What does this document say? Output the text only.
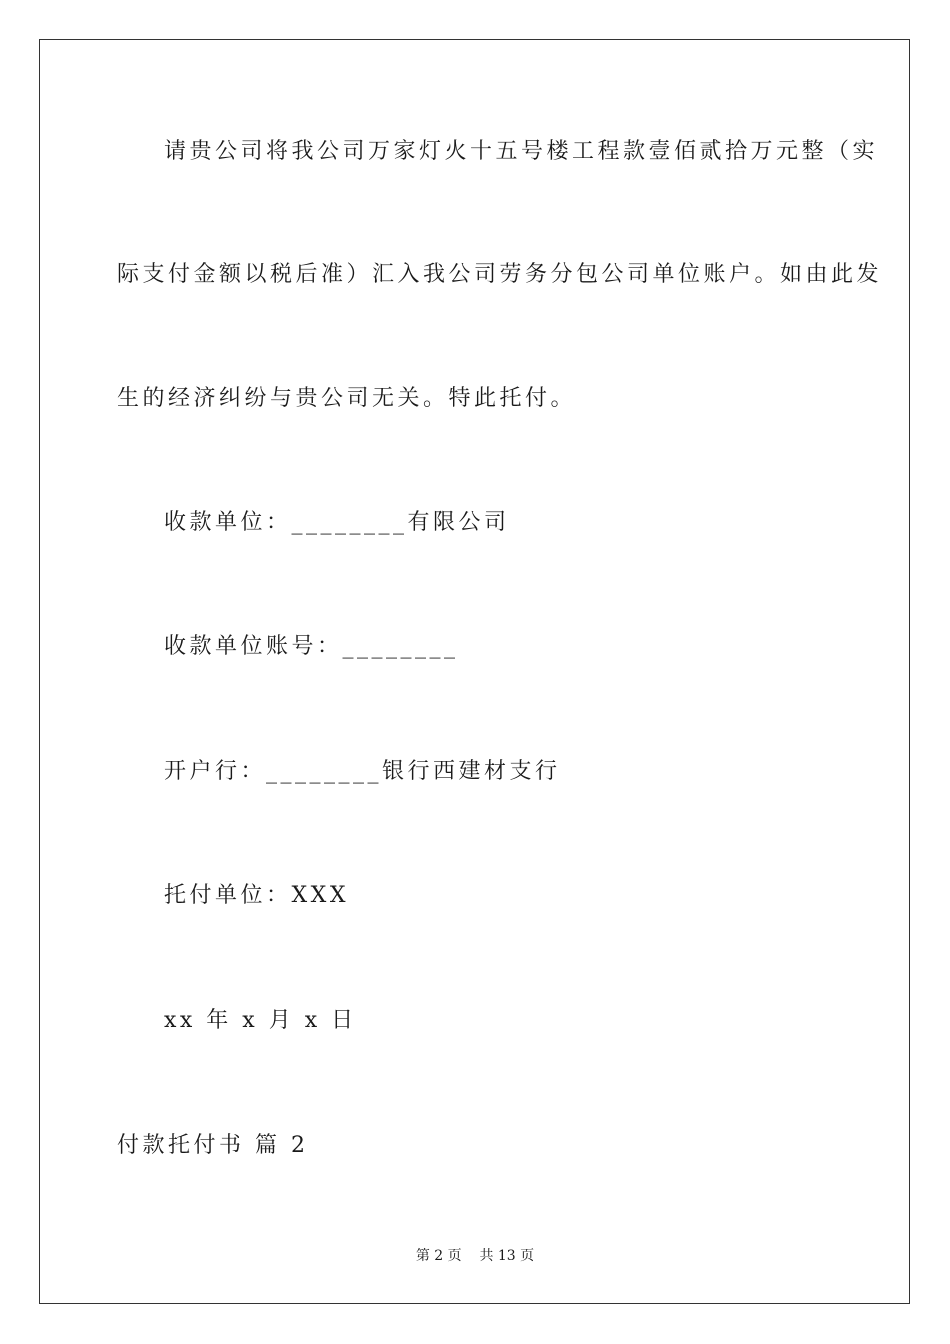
请贵公司将我公司万家灯火十五号楼工程款壹佰贰拾万元整（实
际支付金额以税后准）汇入我公司劳务分包公司单位账户。如由此发
生的经济纠纷与贵公司无关。特此托付。
收款单位：________有限公司
收款单位账号：________
开户行：________银行西建材支行
托付单位：XXX
xx 年 x 月 x 日
付款托付书 篇 2
第 2 页 共 13 页
